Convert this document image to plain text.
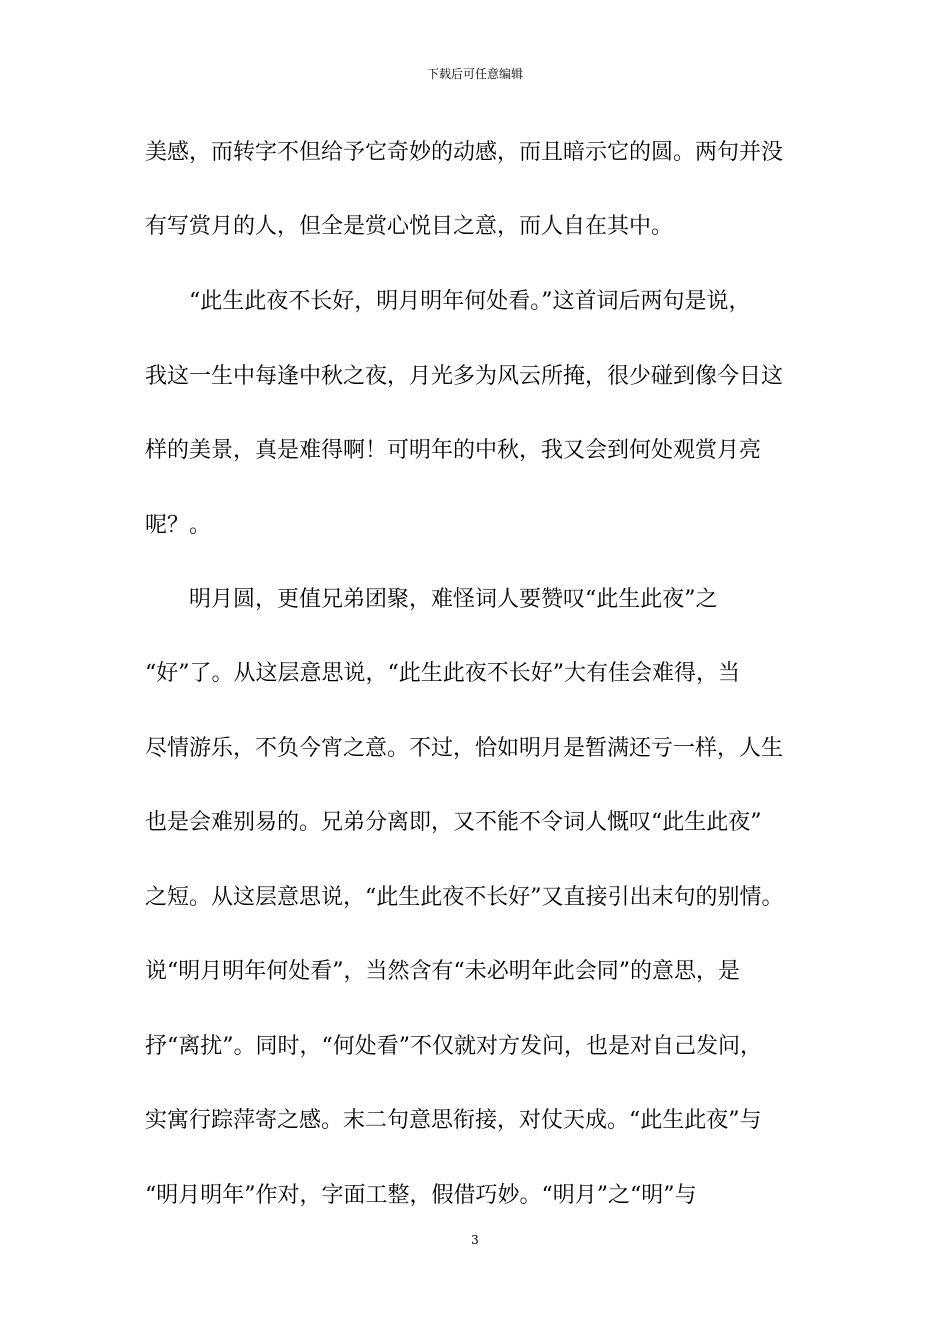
下载后可任意编辑
美感，而转字不但给予它奇妙的动感，而且暗示它的圆。两句并没
有写赏月的人，但全是赏心悦目之意，而人自在其中。
　　“此生此夜不长好，明月明年何处看。”这首词后两句是说，
我这一生中每逢中秋之夜，月光多为风云所掩，很少碰到像今日这
样的美景，真是难得啊！可明年的中秋，我又会到何处观赏月亮
呢？。
　　明月圆，更值兄弟团聚，难怪词人要赞叹“此生此夜”之
“好”了。从这层意思说，“此生此夜不长好”大有佳会难得，当
尽情游乐，不负今宵之意。不过，恰如明月是暂满还亏一样，人生
也是会难别易的。兄弟分离即，又不能不令词人慨叹“此生此夜”
之短。从这层意思说，“此生此夜不长好”又直接引出末句的别情。
说“明月明年何处看”，当然含有“未必明年此会同”的意思，是
抒“离扰”。同时，“何处看”不仅就对方发问，也是对自己发问，
实寓行踪萍寄之感。末二句意思衔接，对仗天成。“此生此夜”与
“明月明年”作对，字面工整，假借巧妙。“明月”之“明”与
3
